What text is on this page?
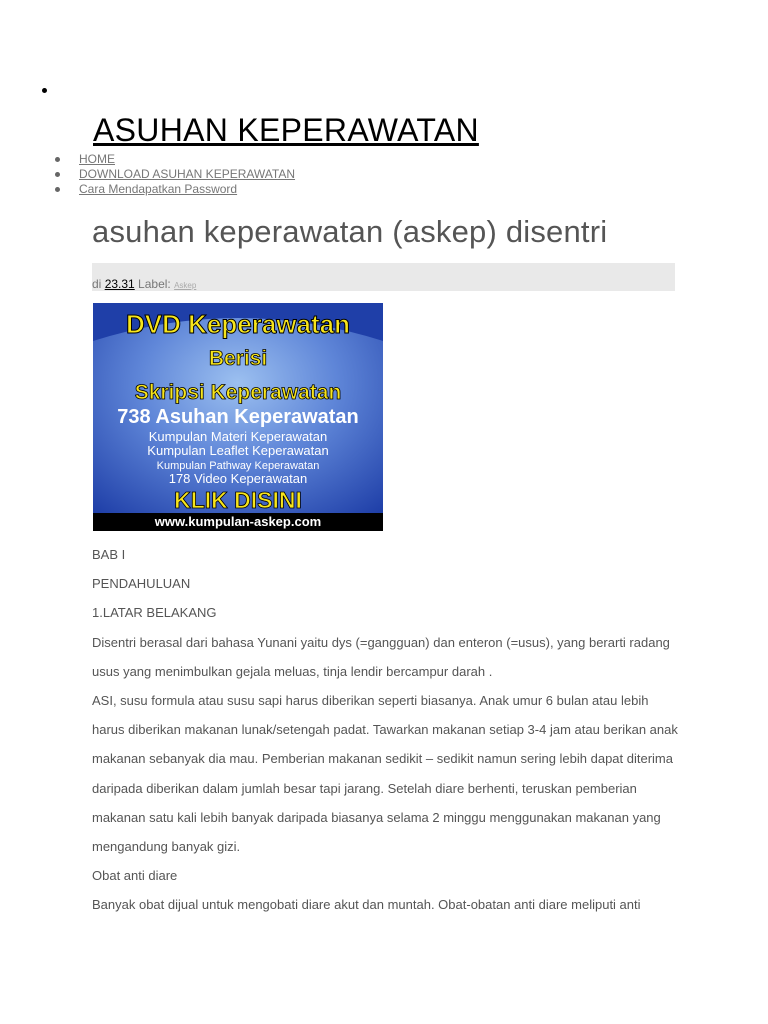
ASUHAN KEPERAWATAN
HOME
DOWNLOAD ASUHAN KEPERAWATAN
Cara Mendapatkan Password
asuhan keperawatan (askep) disentri
di 23.31 Label: Askep
DVD Keperawatan
Berisi
Skripsi Keperawatan
738 Asuhan Keperawatan
Kumpulan Materi Keperawatan
Kumpulan Leaflet Keperawatan
Kumpulan Pathway Keperawatan
178 Video Keperawatan
KLIK DISINI
www.kumpulan-askep.com

BAB I

PENDAHULUAN

1.LATAR BELAKANG

Disentri berasal dari bahasa Yunani yaitu dys (=gangguan) dan enteron (=usus), yang berarti radang usus yang menimbulkan gejala meluas, tinja lendir bercampur darah .

ASI, susu formula atau susu sapi harus diberikan seperti biasanya. Anak umur 6 bulan atau lebih harus diberikan makanan lunak/setengah padat. Tawarkan makanan setiap 3-4 jam atau berikan anak makanan sebanyak dia mau. Pemberian makanan sedikit – sedikit namun sering lebih dapat diterima daripada diberikan dalam jumlah besar tapi jarang. Setelah diare berhenti, teruskan pemberian makanan satu kali lebih banyak daripada biasanya selama 2 minggu menggunakan makanan yang mengandung banyak gizi.

Obat anti diare

Banyak obat dijual untuk mengobati diare akut dan muntah. Obat-obatan anti diare meliputi anti
